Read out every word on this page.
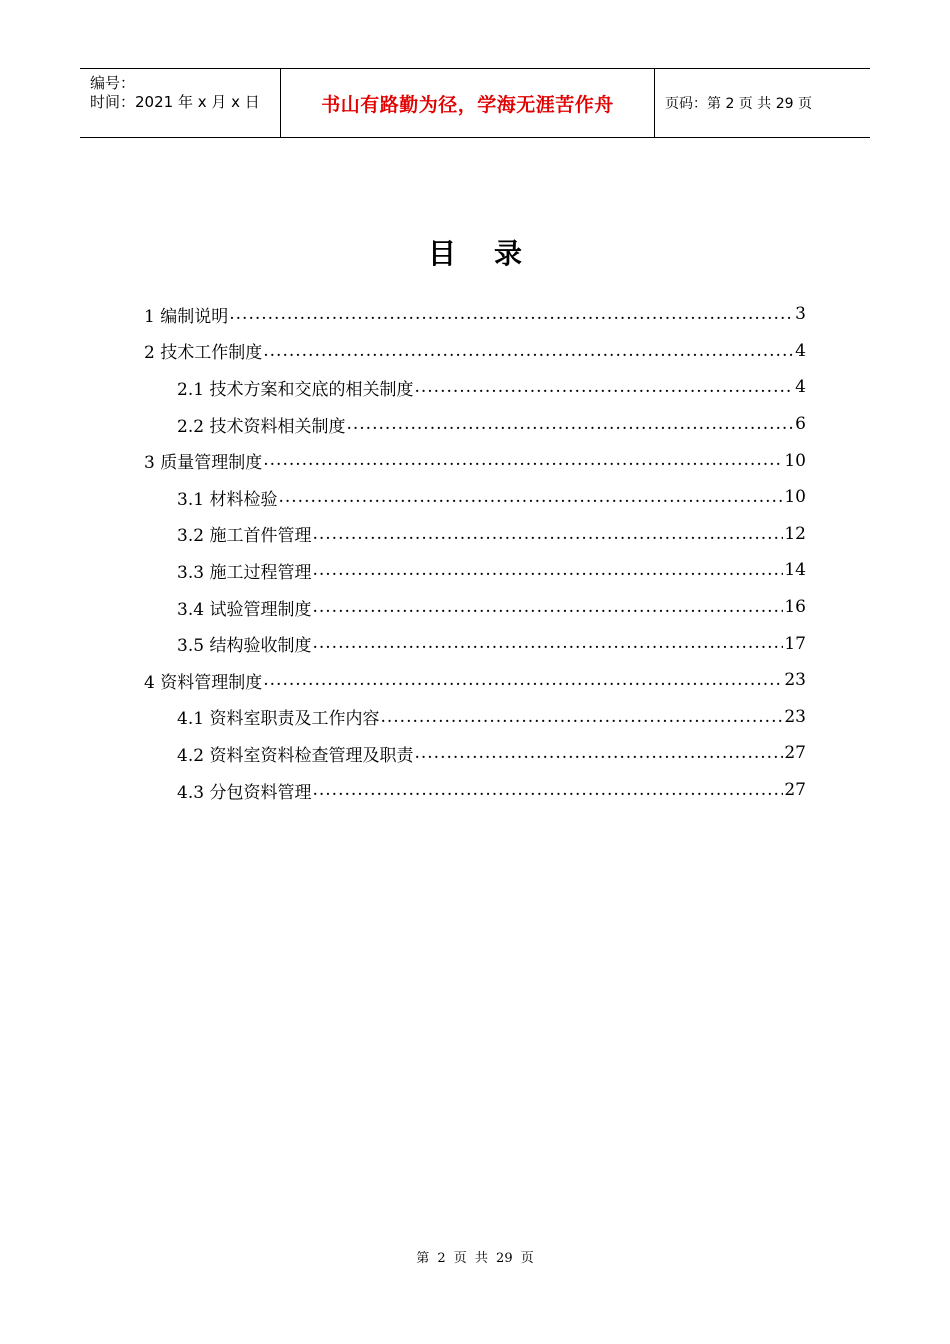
编号：
时间：2021 年 x 月 x 日	书山有路勤为径，学海无涯苦作舟	页码：第 2 页 共 29 页
目录
1 编制说明 .....	3
2 技术工作制度 .....	4
2.1 技术方案和交底的相关制度 .....	4
2.2 技术资料相关制度 .....	6
3 质量管理制度 .....	10
3.1 材料检验 .....	10
3.2 施工首件管理 .....	12
3.3 施工过程管理 .....	14
3.4 试验管理制度 .....	16
3.5 结构验收制度 .....	17
4 资料管理制度 .....	23
4.1 资料室职责及工作内容 .....	23
4.2 资料室资料检查管理及职责 .....	27
4.3 分包资料管理 .....	27
第 2 页 共 29 页
